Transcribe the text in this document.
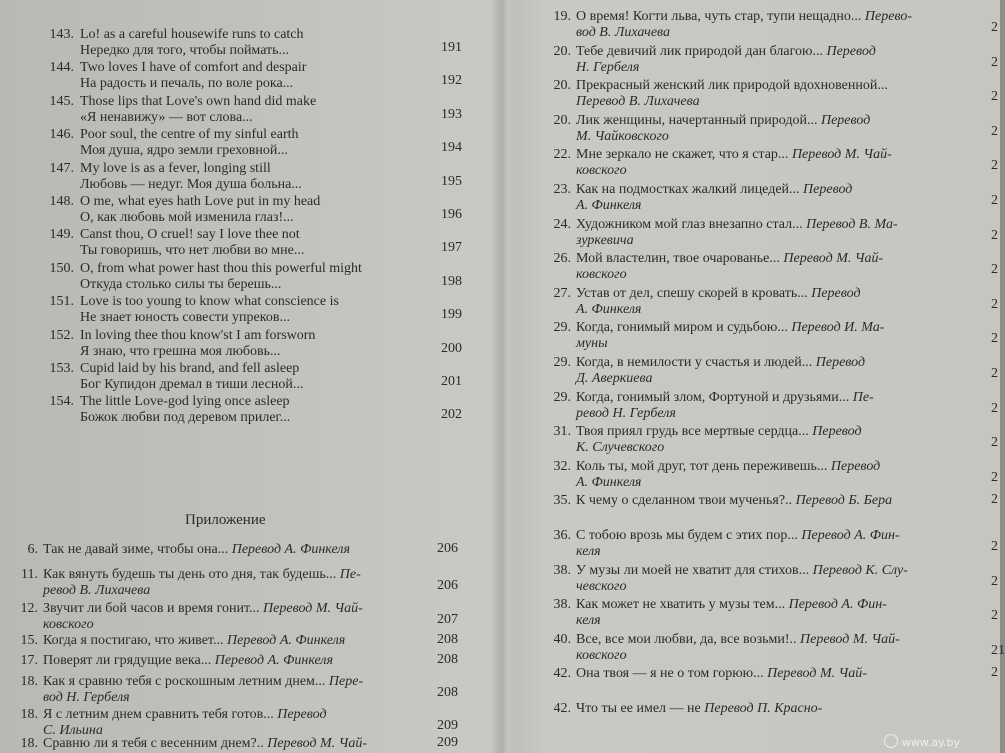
143. Lo! as a careful housewife runs to catch
Нередко для того, чтобы поймать...	191
144. Two loves I have of comfort and despair
На радость и печаль, по воле рока...	192
145. Those lips that Love's own hand did make
«Я ненавижу» — вот слова...	193
146. Poor soul, the centre of my sinful earth
Моя душа, ядро земли греховной...	194
147. My love is as a fever, longing still
Любовь — недуг. Моя душа больна...	195
148. O me, what eyes hath Love put in my head
О, как любовь мой изменила глаз!...	196
149. Canst thou, O cruel! say I love thee not
Ты говоришь, что нет любви во мне...	197
150. O, from what power hast thou this powerful might
Откуда столько силы ты берешь...	198
151. Love is too young to know what conscience is
Не знает юность совести упреков...	199
152. In loving thee thou know'st I am forsworn
Я знаю, что грешна моя любовь...	200
153. Cupid laid by his brand, and fell asleep
Бог Купидон дремал в тиши лесной...	201
154. The little Love-god lying once asleep
Божок любви под деревом прилег...	202
Приложение
6. Так не давай зиме, чтобы она... Перевод А. Финкеля	206
11. Как вянуть будешь ты день ото дня, так будешь... Пе-
ревод В. Лихачева	206
12. Звучит ли бой часов и время гонит... Перевод М. Чай-
ковского	207
15. Когда я постигаю, что живет... Перевод А. Финкеля	208
17. Поверят ли грядущие века... Перевод А. Финкеля	208
18. Как я сравню тебя с роскошным летним днем... Пере-
вод Н. Гербеля	208
18. Я с летним днем сравнить тебя готов... Перевод
С. Ильина	209
18. Сравню ли я тебя с весенним днем?.. Перевод М. Чай-	209
19. О время! Когти льва, чуть стар, тупи нещадно... Перево-
вод В. Лихачева	2
20. Тебе девичий лик природой дан благою... Перевод
Н. Гербеля	2
20. Прекрасный женский лик природой вдохновенной...
Перевод В. Лихачева	2
20. Лик женщины, начертанный природой... Перевод
М. Чайковского	2
22. Мне зеркало не скажет, что я стар... Перевод М. Чай-
ковского	2
23. Как на подмостках жалкий лицедей... Перевод
А. Финкеля	2
24. Художником мой глаз внезапно стал... Перевод В. Ма-
зуркевича	2
26. Мой властелин, твое очарованье... Перевод М. Чай-
ковского	2
27. Устав от дел, спешу скорей в кровать... Перевод
А. Финкеля	2
29. Когда, гонимый миром и судьбою... Перевод И. Ма-
муны	2
29. Когда, в немилости у счастья и людей... Перевод
Д. Аверкиева	2
29. Когда, гонимый злом, Фортуной и друзьями... Пе-
ревод Н. Гербеля	2
31. Твоя приял грудь все мертвые сердца... Перевод
К. Случевского	2
32. Коль ты, мой друг, тот день переживешь... Перевод
А. Финкеля	2
35. К чему о сделанном твои мученья?.. Перевод Б. Бера	2
36. С тобою врозь мы будем с этих пор... Перевод А. Фин-
келя	2
38. У музы ли моей не хватит для стихов... Перевод К. Слу-
чевского	2
38. Как может не хватить у музы тем... Перевод А. Фин-
келя	2
40. Все, все мои любви, да, все возьми!.. Перевод М. Чай-
ковского	21
42. Она твоя — я не о том горюю... Перевод М. Чай-	2
42. Что ты ее имел — не Перевод П. Красно-
www.ay.by
